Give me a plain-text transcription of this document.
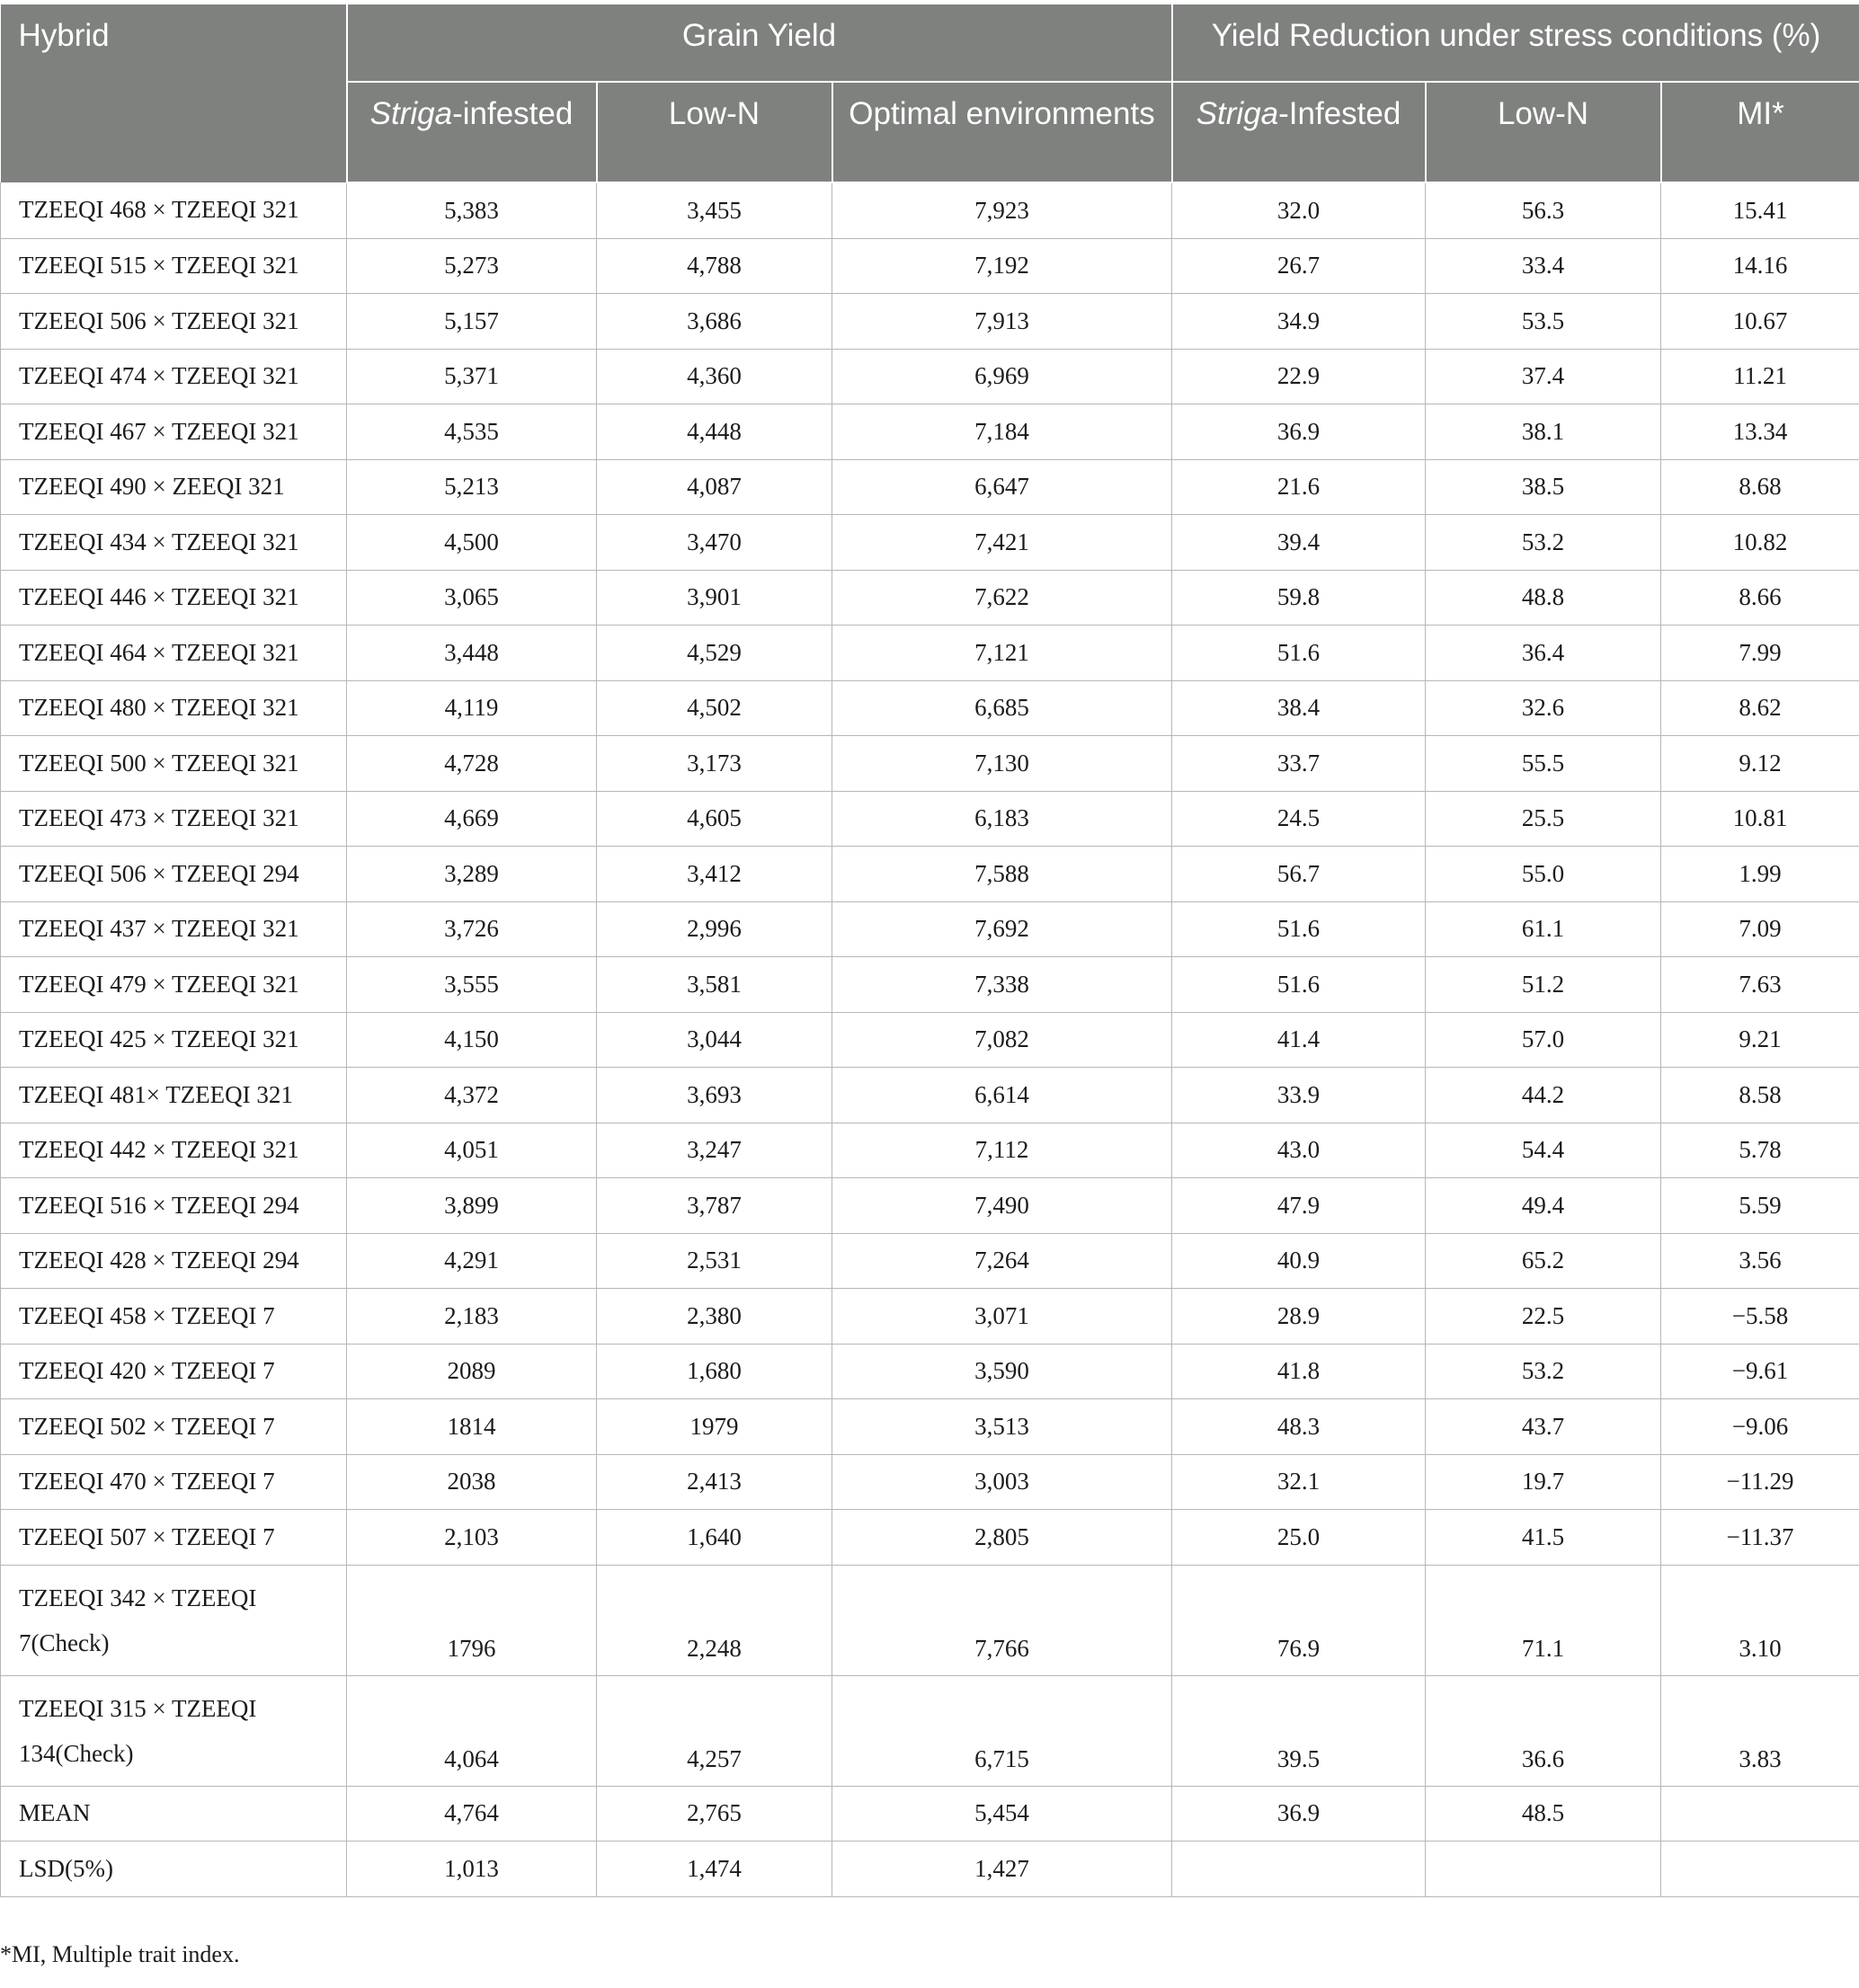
Hybrid	Grain Yield			Yield Reduction under stress conditions (%)		
	Striga-infested	Low-N	Optimal environments	Striga-Infested	Low-N	MI*
TZEEQI 468 × TZEEQI 321	5,383	3,455	7,923	32.0	56.3	15.41
TZEEQI 515 × TZEEQI 321	5,273	4,788	7,192	26.7	33.4	14.16
TZEEQI 506 × TZEEQI 321	5,157	3,686	7,913	34.9	53.5	10.67
TZEEQI 474 × TZEEQI 321	5,371	4,360	6,969	22.9	37.4	11.21
TZEEQI 467 × TZEEQI 321	4,535	4,448	7,184	36.9	38.1	13.34
TZEEQI 490 × ZEEQI 321	5,213	4,087	6,647	21.6	38.5	8.68
TZEEQI 434 × TZEEQI 321	4,500	3,470	7,421	39.4	53.2	10.82
TZEEQI 446 × TZEEQI 321	3,065	3,901	7,622	59.8	48.8	8.66
TZEEQI 464 × TZEEQI 321	3,448	4,529	7,121	51.6	36.4	7.99
TZEEQI 480 × TZEEQI 321	4,119	4,502	6,685	38.4	32.6	8.62
TZEEQI 500 × TZEEQI 321	4,728	3,173	7,130	33.7	55.5	9.12
TZEEQI 473 × TZEEQI 321	4,669	4,605	6,183	24.5	25.5	10.81
TZEEQI 506 × TZEEQI 294	3,289	3,412	7,588	56.7	55.0	1.99
TZEEQI 437 × TZEEQI 321	3,726	2,996	7,692	51.6	61.1	7.09
TZEEQI 479 × TZEEQI 321	3,555	3,581	7,338	51.6	51.2	7.63
TZEEQI 425 × TZEEQI 321	4,150	3,044	7,082	41.4	57.0	9.21
TZEEQI 481× TZEEQI 321	4,372	3,693	6,614	33.9	44.2	8.58
TZEEQI 442 × TZEEQI 321	4,051	3,247	7,112	43.0	54.4	5.78
TZEEQI 516 × TZEEQI 294	3,899	3,787	7,490	47.9	49.4	5.59
TZEEQI 428 × TZEEQI 294	4,291	2,531	7,264	40.9	65.2	3.56
TZEEQI 458 × TZEEQI 7	2,183	2,380	3,071	28.9	22.5	−5.58
TZEEQI 420 × TZEEQI 7	2089	1,680	3,590	41.8	53.2	−9.61
TZEEQI 502 × TZEEQI 7	1814	1979	3,513	48.3	43.7	−9.06
TZEEQI 470 × TZEEQI 7	2038	2,413	3,003	32.1	19.7	−11.29
TZEEQI 507 × TZEEQI 7	2,103	1,640	2,805	25.0	41.5	−11.37

TZEEQI 342 × TZEEQI
7(Check)	1796	2,248	7,766	76.9	71.1	3.10

TZEEQI 315 × TZEEQI
134(Check)	4,064	4,257	6,715	39.5	36.6	3.83
MEAN	4,764	2,765	5,454	36.9	48.5	
LSD(5%)	1,013	1,474	1,427			
*MI, Multiple trait index.
